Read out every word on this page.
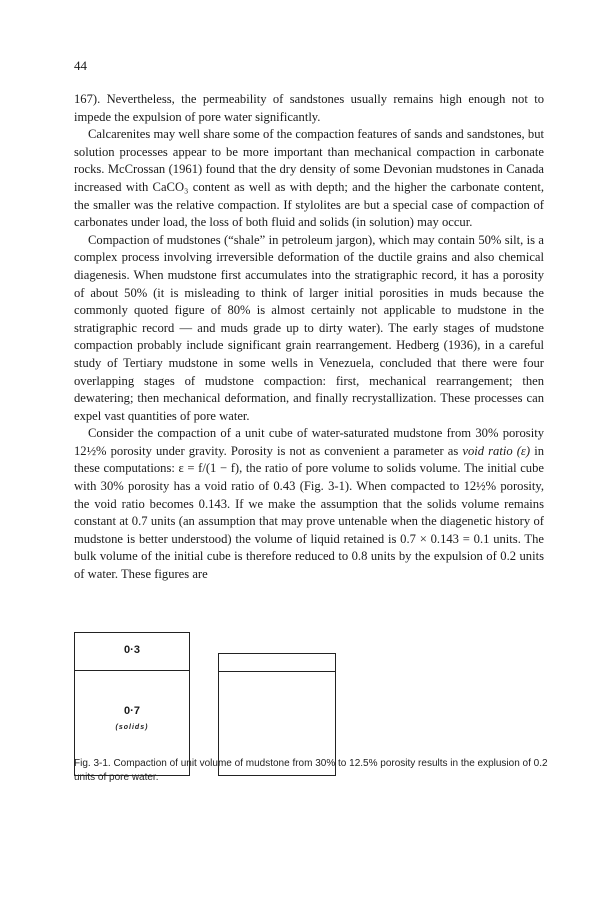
44

167). Nevertheless, the permeability of sandstones usually remains high enough not to impede the expulsion of pore water significantly.

Calcarenites may well share some of the compaction features of sands and sandstones, but solution processes appear to be more important than mechanical compaction in carbonate rocks. McCrossan (1961) found that the dry density of some Devonian mudstones in Canada increased with CaCO₃ content as well as with depth; and the higher the carbonate content, the smaller was the relative compaction. If stylolites are but a special case of compaction of carbonates under load, the loss of both fluid and solids (in solution) may occur.

Compaction of mudstones (“shale” in petroleum jargon), which may contain 50% silt, is a complex process involving irreversible deformation of the ductile grains and also chemical diagenesis. When mudstone first accumulates into the stratigraphic record, it has a porosity of about 50% (it is misleading to think of larger initial porosities in muds because the commonly quoted figure of 80% is almost certainly not applicable to mudstone in the stratigraphic record — and muds grade up to dirty water). The early stages of mudstone compaction probably include significant grain rearrangement. Hedberg (1936), in a careful study of Tertiary mudstone in some wells in Venezuela, concluded that there were four overlapping stages of mudstone compaction: first, mechanical rearrangement; then dewatering; then mechanical deformation, and finally recrystallization. These processes can expel vast quantities of pore water.

Consider the compaction of a unit cube of water-saturated mudstone from 30% porosity 12½% porosity under gravity. Porosity is not as convenient a parameter as void ratio (ε) in these computations: ε = f/(1 − f), the ratio of pore volume to solids volume. The initial cube with 30% porosity has a void ratio of 0.43 (Fig. 3-1). When compacted to 12½% porosity, the void ratio becomes 0.143. If we make the assumption that the solids volume remains constant at 0.7 units (an assumption that may prove untenable when the diagenetic history of mudstone is better understood) the volume of liquid retained is 0.7 × 0.143 = 0.1 units. The bulk volume of the initial cube is therefore reduced to 0.8 units by the expulsion of 0.2 units of water. These figures are

0·3
0·7
(solids)
Fig. 3-1. Compaction of unit volume of mudstone from 30% to 12.5% porosity results in the explusion of 0.2 units of pore water.
